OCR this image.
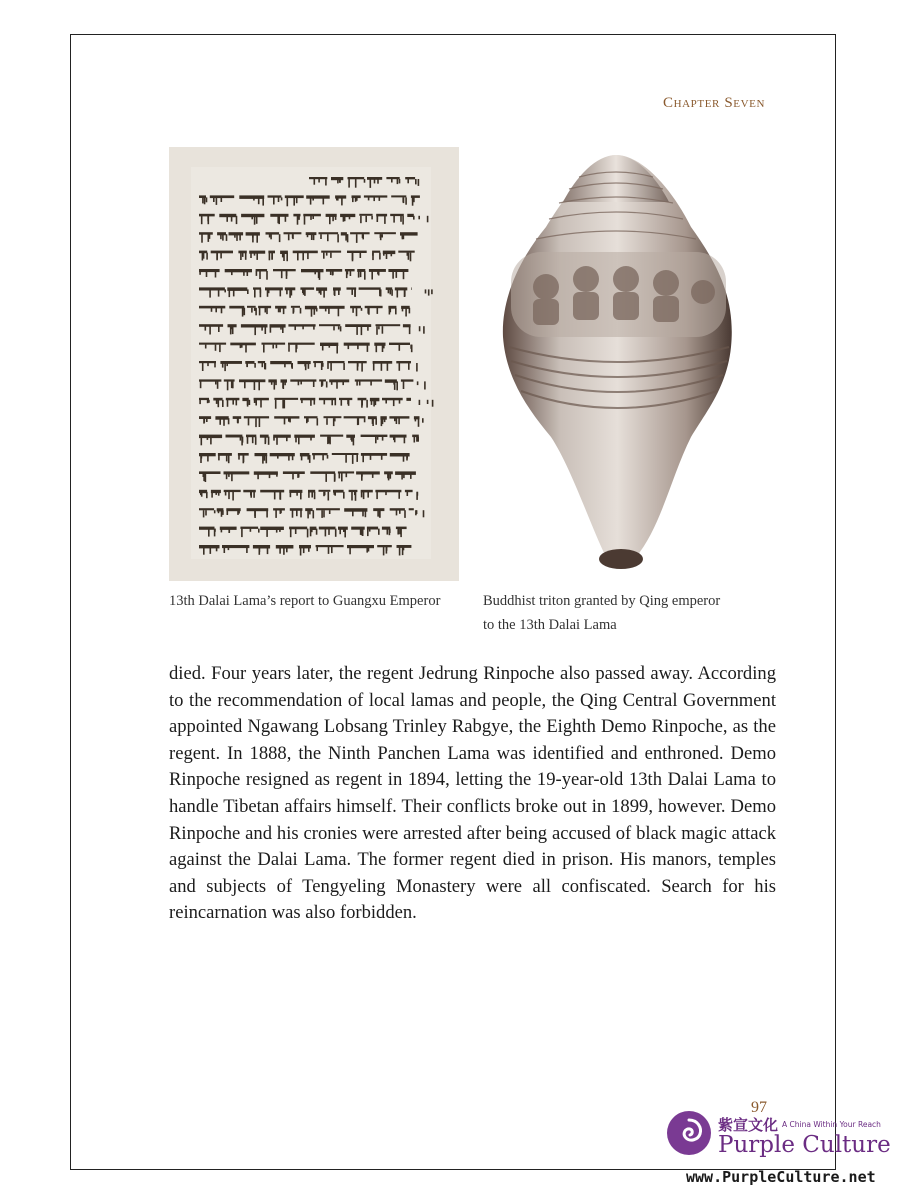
Chapter Seven
13th Dalai Lama’s report to Guangxu Emperor	Buddhist triton granted by Qing emperor
to the 13th Dalai Lama

died. Four years later, the regent Jedrung Rinpoche also passed away. According to the recommendation of local lamas and people, the Qing Central Government appointed Ngawang Lobsang Trinley Rabgye, the Eighth Demo Rinpoche, as the regent. In 1888, the Ninth Panchen Lama was identified and enthroned. Demo Rinpoche resigned as regent in 1894, letting the 19-year-old 13th Dalai Lama to handle Tibetan affairs himself. Their conflicts broke out in 1899, however. Demo Rinpoche and his cronies were arrested after being accused of black magic attack against the Dalai Lama. The former regent died in prison. His manors, temples and subjects of Tengyeling Monastery were all confiscated. Search for his reincarnation was also forbidden.

97
紫宣文化 A China Within Your Reach
Purple Culture
www.PurpleCulture.net
